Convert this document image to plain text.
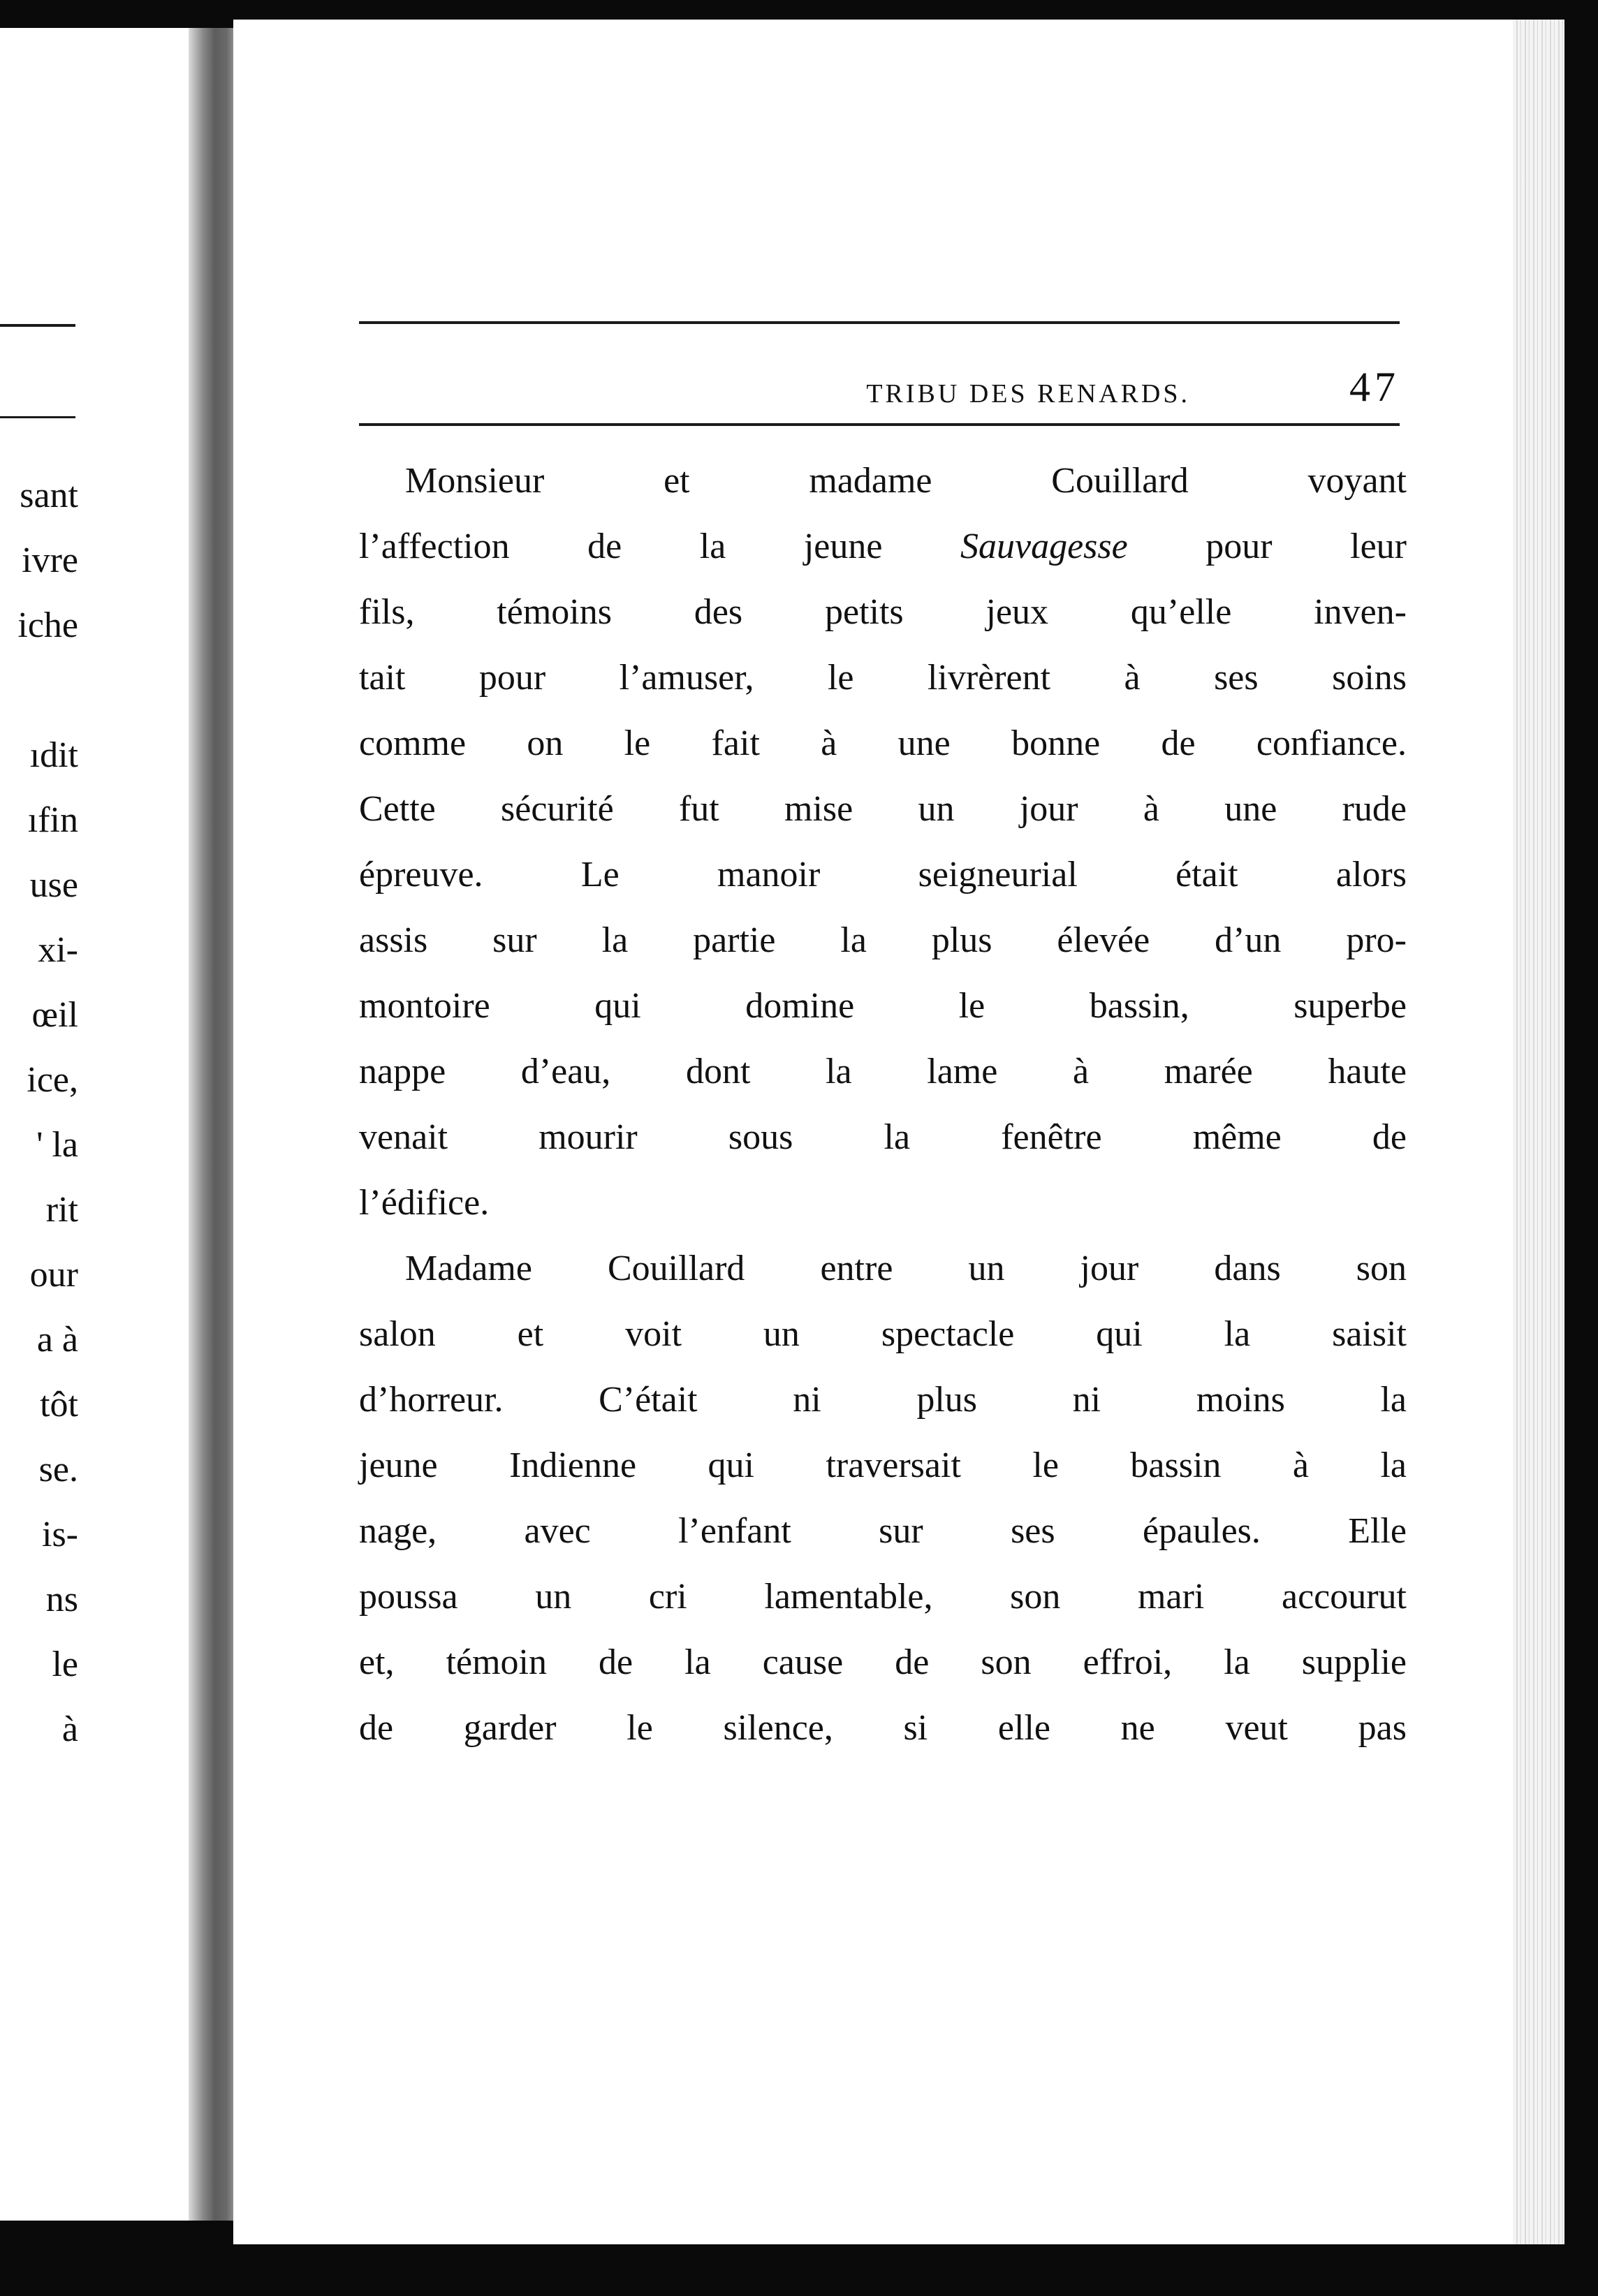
sant
ivre
iche
ıdit
ıfin
use
xi-
œil
ice,
' la
rit
our
a à
tôt
se.
is-
ns
le
à
TRIBU DES RENARDS.	47
Monsieur et madame Couillard voyant
l’affection de la jeune Sauvagesse pour leur
fils, témoins des petits jeux qu’elle inven-
tait pour l’amuser, le livrèrent à ses soins
comme on le fait à une bonne de confiance.
Cette sécurité fut mise un jour à une rude
épreuve. Le manoir seigneurial était alors
assis sur la partie la plus élevée d’un pro-
montoire qui domine le bassin, superbe
nappe d’eau, dont la lame à marée haute
venait mourir sous la fenêtre même de
l’édifice.
Madame Couillard entre un jour dans son
salon et voit un spectacle qui la saisit
d’horreur. C’était ni plus ni moins la
jeune Indienne qui traversait le bassin à la
nage, avec l’enfant sur ses épaules. Elle
poussa un cri lamentable, son mari accourut
et, témoin de la cause de son effroi, la supplie
de garder le silence, si elle ne veut pas
